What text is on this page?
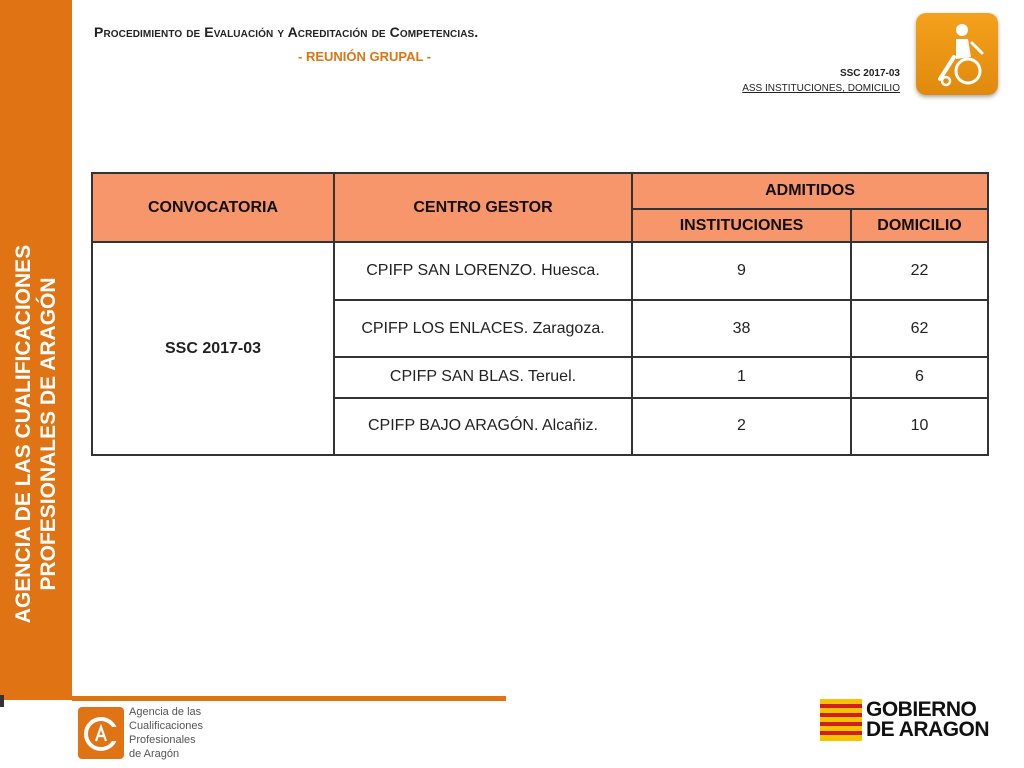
AGENCIA DE LAS CUALIFICACIONES PROFESIONALES DE ARAGÓN
Procedimiento de Evaluación y Acreditación de Competencias.
- REUNIÓN GRUPAL -
SSC 2017-03
ASS INSTITUCIONES, DOMICILIO
CONVOCATORIA	CENTRO GESTOR	ADMITIDOS	
		INSTITUCIONES	DOMICILIO
SSC 2017-03	CPIFP SAN LORENZO. Huesca.	9	22
	CPIFP LOS ENLACES. Zaragoza.	38	62
	CPIFP SAN BLAS. Teruel.	1	6
	CPIFP BAJO ARAGÓN. Alcañiz.	2	10
Agencia de las
Cualificaciones
Profesionales
de Aragón
GOBIERNO
DE ARAGON
